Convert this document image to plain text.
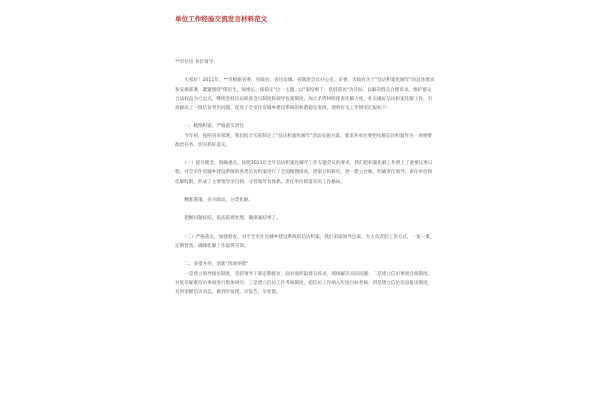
单位工作经验交流发言材料范文
**市住房 各位领导：

　　大家好！2011年，**市根据省委、省政府、省住房城、省联席会议办公室、市委、市政府关于"信访积案化解年"的总体要求和安排部署，紧紧围绕"保民生、保增长、保稳定"这一主题，以"案结事了、息诉罢访"为目标，以解决群众合理诉求、维护群众合法权益为立足点，继续坚持信访联席会议制度和领导包案制度，加大矛盾纠纷排查化解力度，扎实做好信访积案化解工作，有效解决了一批信访突出问题，促进了全市住房城乡建设系统的和谐稳定发展。现将有关工作情况汇报如下：

　　一、梳理积案，严格落实责任
　　今年初，按照省市部署，我们结合实际制定了"信访积案化解年"活动实施方案，要求各单位要把化解信访积案作为一项重要政治任务，切实抓好落实。

　　（一）提升理念，明确重点。按照2011年全年信访积案化解年工作专题会议的要求，我们把积案化解工作摆上了重要议事日程，对全市住房城乡建设系统的各类信访积案进行了全面梳理排查，逐案分析研究，逐一建立台账，明确责任领导、责任单位和化解时限，形成了主要领导亲自抓、分管领导具体抓、责任单位抓落实的工作格局。

　　精准施策，多方联动，分类化解。

　　把握问题症结，依法依规处理，确保案结事了。

　　（三）严格落实，加强督查。对于全市住房城乡建设系统的信访积案，我们采取领导包案、专人负责的工作方式，一案一策，定期督查，确保化解工作取得实效。

　　二、多措并举，创新"四项举措"
　　一是建立领导接访制度，坚持领导干部定期接访，面对面听取群众诉求，现场解决实际问题；二是建立信访事项会商制度，对复杂疑难信访事项进行集体研究；三是建立信访工作考核制度，把信访工作纳入年度目标考核；四是建立信访信息报送制度，及时掌握信访动态，做到早发现、早报告、早处置。
